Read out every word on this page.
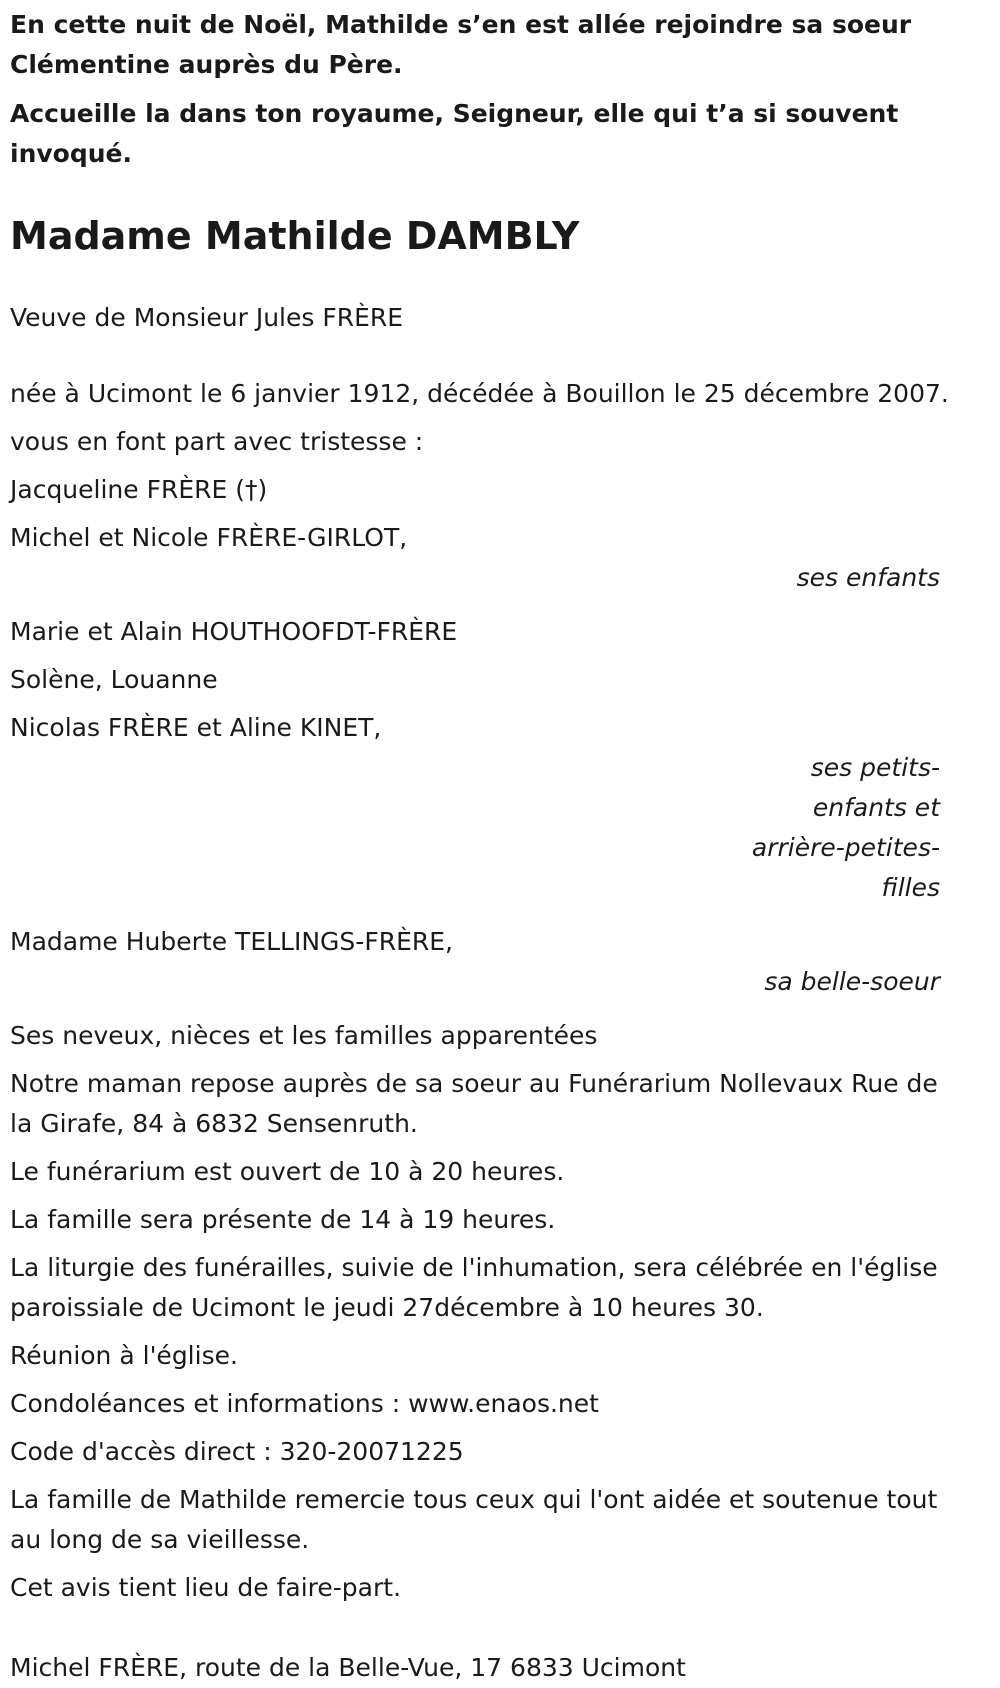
En cette nuit de Noël, Mathilde s’en est allée rejoindre sa soeur Clémentine auprès du Père.
Accueille la dans ton royaume, Seigneur, elle qui t’a si souvent invoqué.
Madame Mathilde DAMBLY
Veuve de Monsieur Jules FRÈRE
née à Ucimont le 6 janvier 1912, décédée à Bouillon le 25 décembre 2007.
vous en font part avec tristesse :
Jacqueline FRÈRE (†)
Michel et Nicole FRÈRE-GIRLOT,
ses enfants
Marie et Alain HOUTHOOFDT-FRÈRE
Solène, Louanne
Nicolas FRÈRE et Aline KINET,
ses petits-enfants et arrière-petites-filles
Madame Huberte TELLINGS-FRÈRE,
sa belle-soeur
Ses neveux, nièces et les familles apparentées
Notre maman repose auprès de sa soeur au Funérarium Nollevaux Rue de la Girafe, 84 à 6832 Sensenruth.
Le funérarium est ouvert de 10 à 20 heures.
La famille sera présente de 14 à 19 heures.
La liturgie des funérailles, suivie de l'inhumation, sera célébrée en l'église paroissiale de Ucimont le jeudi 27décembre à 10 heures 30.
Réunion à l'église.
Condoléances et informations : www.enaos.net
Code d'accès direct : 320-20071225
La famille de Mathilde remercie tous ceux qui l'ont aidée et soutenue tout au long de sa vieillesse.
Cet avis tient lieu de faire-part.
Michel FRÈRE, route de la Belle-Vue, 17 6833 Ucimont
